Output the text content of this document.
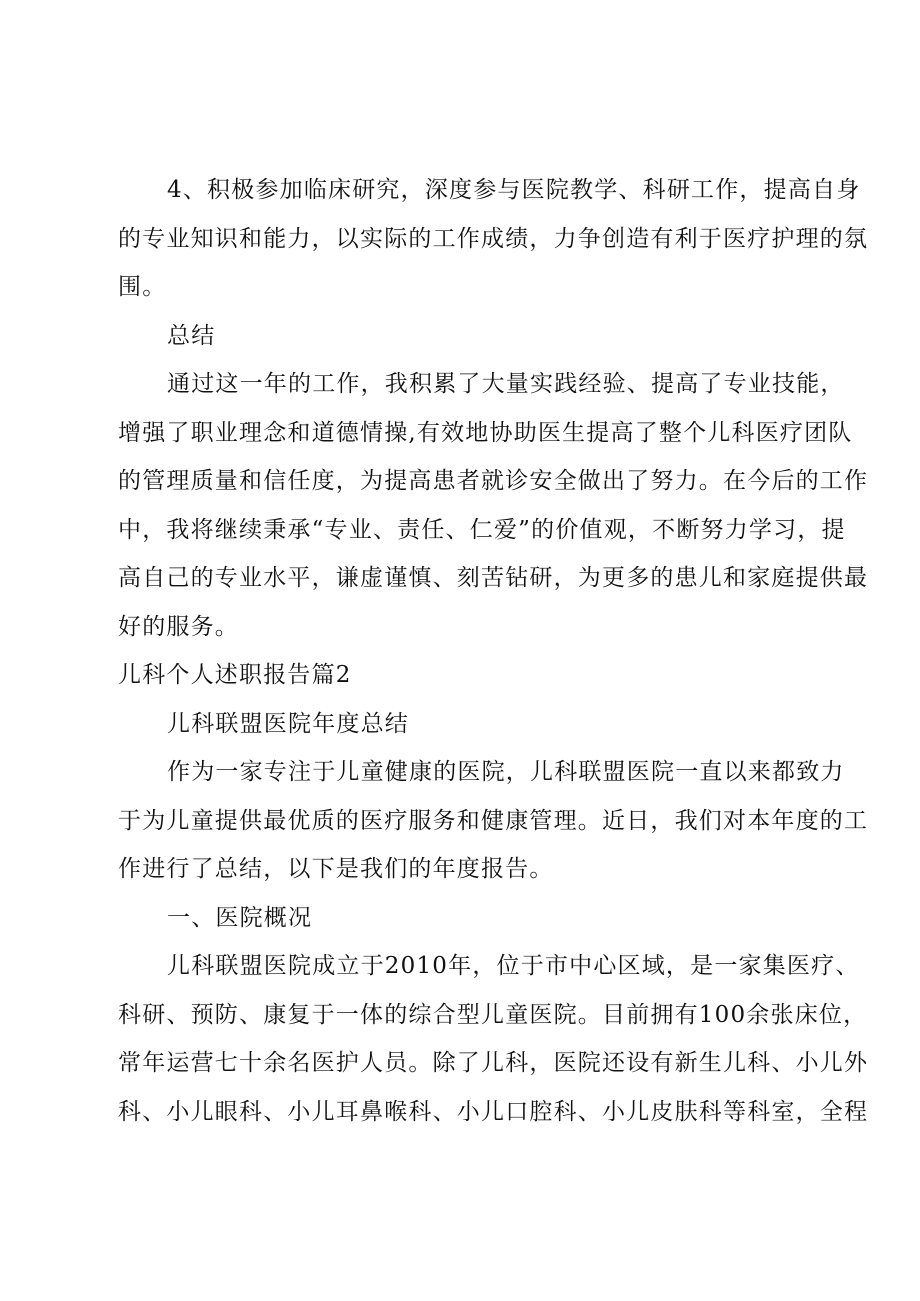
4、积极参加临床研究，深度参与医院教学、科研工作，提高自身
的专业知识和能力，以实际的工作成绩，力争创造有利于医疗护理的氛
围。
总结
通过这一年的工作，我积累了大量实践经验、提高了专业技能，
增强了职业理念和道德情操,有效地协助医生提高了整个儿科医疗团队
的管理质量和信任度，为提高患者就诊安全做出了努力。在今后的工作
中，我将继续秉承“专业、责任、仁爱”的价值观，不断努力学习，提
高自己的专业水平，谦虚谨慎、刻苦钻研，为更多的患儿和家庭提供最
好的服务。
儿科个人述职报告篇2
儿科联盟医院年度总结
作为一家专注于儿童健康的医院，儿科联盟医院一直以来都致力
于为儿童提供最优质的医疗服务和健康管理。近日，我们对本年度的工
作进行了总结，以下是我们的年度报告。
一、医院概况
儿科联盟医院成立于2010年，位于市中心区域，是一家集医疗、
科研、预防、康复于一体的综合型儿童医院。目前拥有100余张床位，
常年运营七十余名医护人员。除了儿科，医院还设有新生儿科、小儿外
科、小儿眼科、小儿耳鼻喉科、小儿口腔科、小儿皮肤科等科室，全程
